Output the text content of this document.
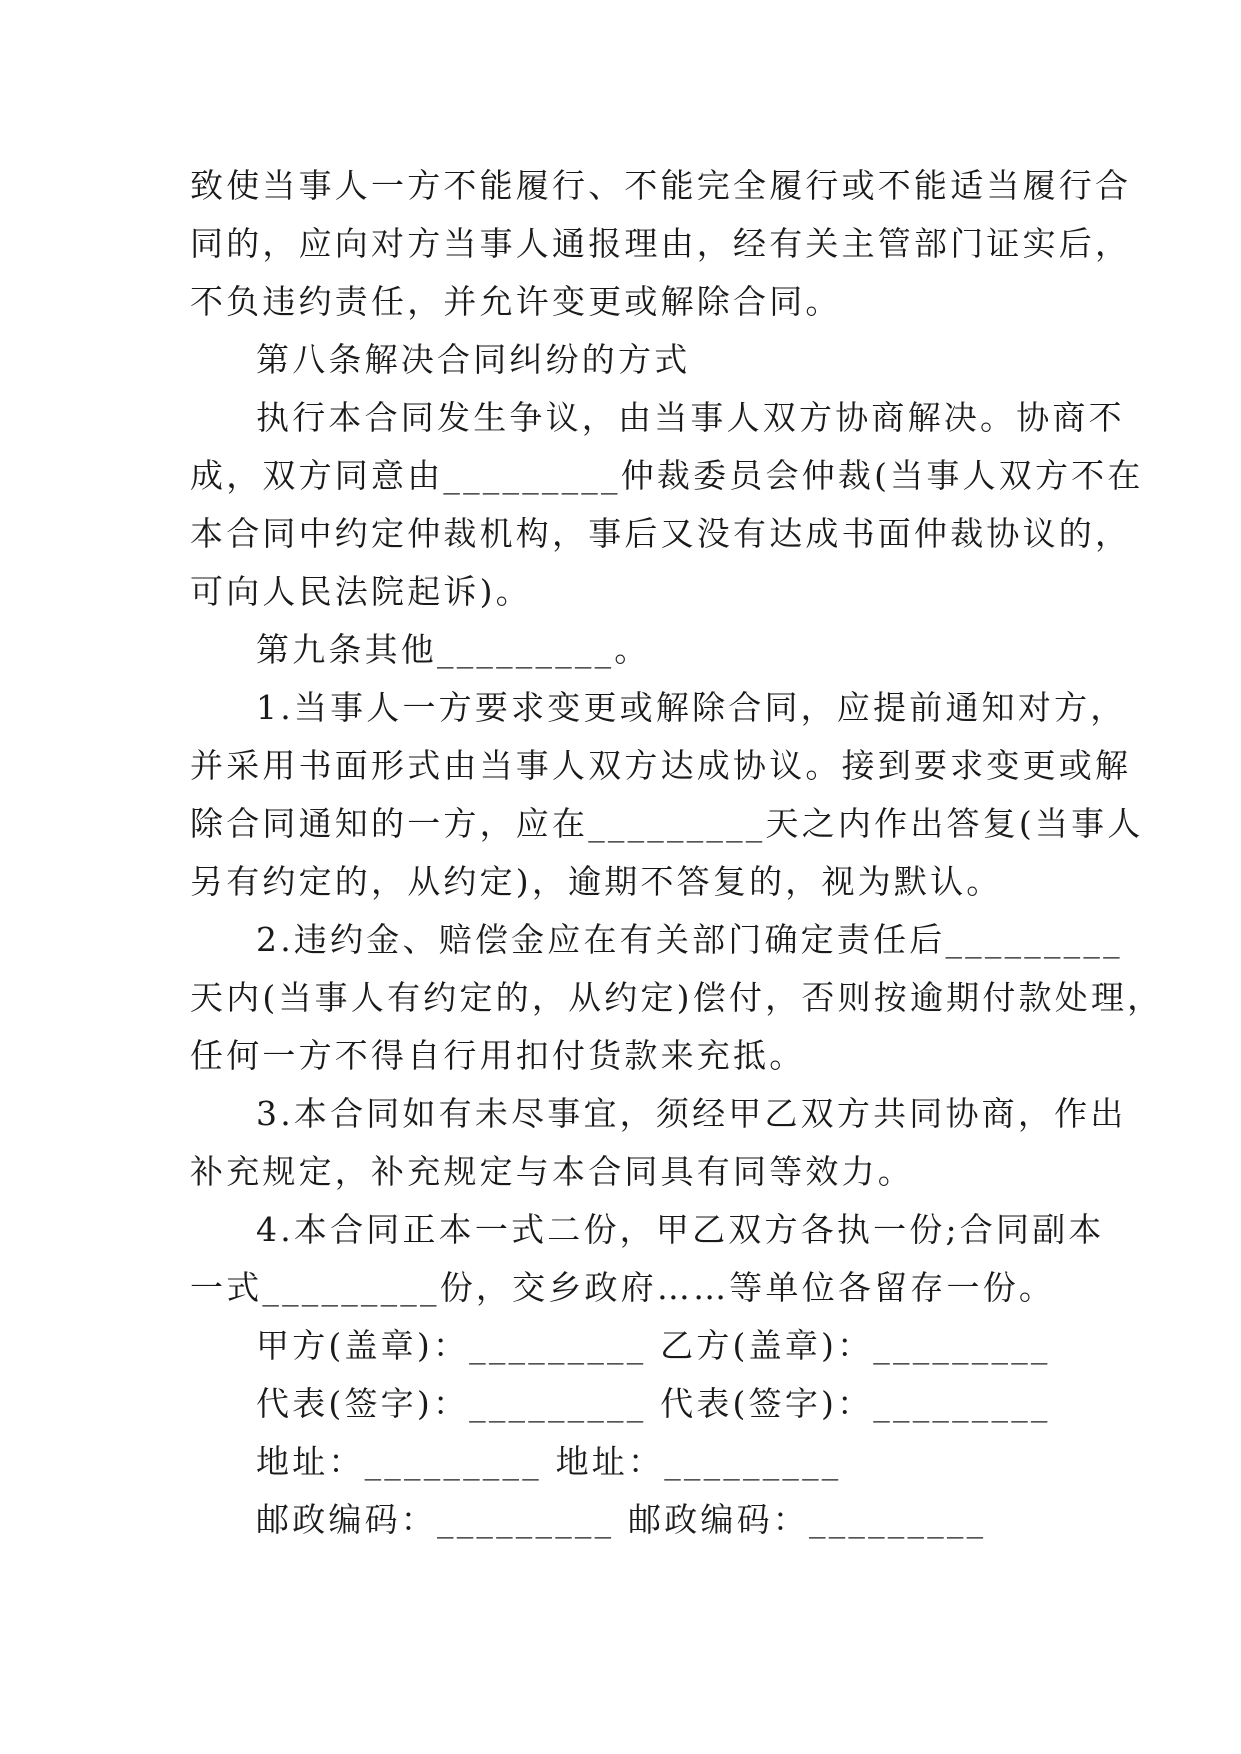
致使当事人一方不能履行、不能完全履行或不能适当履行合
同的，应向对方当事人通报理由，经有关主管部门证实后，
不负违约责任，并允许变更或解除合同。
第八条解决合同纠纷的方式
执行本合同发生争议，由当事人双方协商解决。协商不
成，双方同意由_________仲裁委员会仲裁(当事人双方不在
本合同中约定仲裁机构，事后又没有达成书面仲裁协议的，
可向人民法院起诉)。
第九条其他_________。
1.当事人一方要求变更或解除合同，应提前通知对方，
并采用书面形式由当事人双方达成协议。接到要求变更或解
除合同通知的一方，应在_________天之内作出答复(当事人
另有约定的，从约定)，逾期不答复的，视为默认。
2.违约金、赔偿金应在有关部门确定责任后_________
天内(当事人有约定的，从约定)偿付，否则按逾期付款处理，
任何一方不得自行用扣付货款来充抵。
3.本合同如有未尽事宜，须经甲乙双方共同协商，作出
补充规定，补充规定与本合同具有同等效力。
4.本合同正本一式二份，甲乙双方各执一份;合同副本
一式_________份，交乡政府……等单位各留存一份。
甲方(盖章)：_________ 乙方(盖章)：_________
代表(签字)：_________ 代表(签字)：_________
地址：_________ 地址：_________
邮政编码：_________ 邮政编码：_________
